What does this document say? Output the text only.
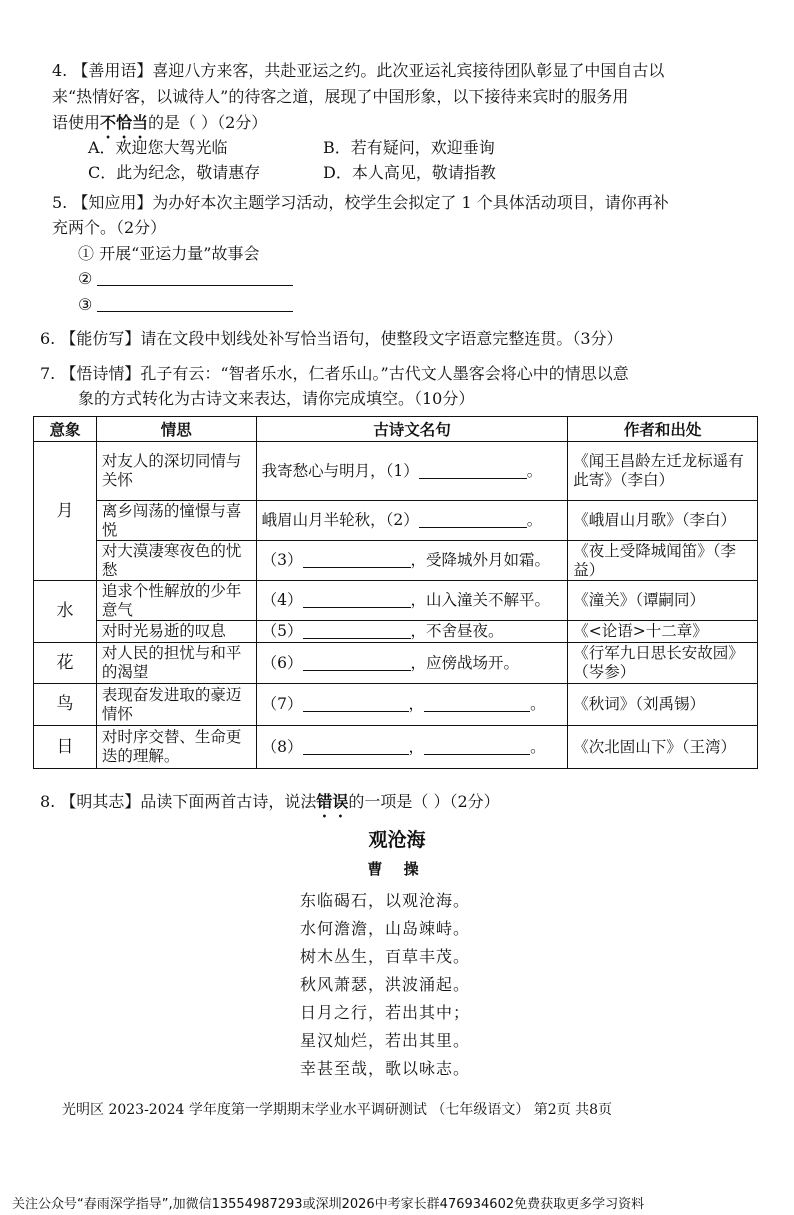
4. 【善用语】喜迎八方来客，共赴亚运之约。此次亚运礼宾接待团队彰显了中国自古以
来“热情好客，以诚待人”的待客之道，展现了中国形象，以下接待来宾时的服务用
语使用不恰当的是（ ）（2分）
A．欢迎您大驾光临	B．若有疑问，欢迎垂询
C．此为纪念，敬请惠存	D．本人高见，敬请指教
5. 【知应用】为办好本次主题学习活动，校学生会拟定了 1 个具体活动项目，请你再补
充两个。（2分）
① 开展“亚运力量”故事会
②
③
6. 【能仿写】请在文段中划线处补写恰当语句，使整段文字语意完整连贯。（3分）
7. 【悟诗情】孔子有云：“智者乐水，仁者乐山。”古代文人墨客会将心中的情思以意
象的方式转化为古诗文来表达，请你完成填空。（10分）
意象	情思	古诗文名句	作者和出处
月	对友人的深切同情与关怀	我寄愁心与明月，（1） 。	《闻王昌龄左迁龙标遥有此寄》（李白）
	离乡闯荡的憧憬与喜悦	峨眉山月半轮秋，（2） 。	《峨眉山月歌》（李白）
	对大漠凄寒夜色的忧愁	（3） ，受降城外月如霜。	《夜上受降城闻笛》（李益）
水	追求个性解放的少年意气	（4） ，山入潼关不解平。	《潼关》（谭嗣同）
	对时光易逝的叹息	（5） ，不舍昼夜。	《<论语>十二章》
花	对人民的担忧与和平的渴望	（6） ，应傍战场开。	《行军九日思长安故园》（岑参）
鸟	表现奋发进取的豪迈情怀	（7） ， 。	《秋词》（刘禹锡）
日	对时序交替、生命更迭的理解。	（8） ， 。	《次北固山下》（王湾）
8. 【明其志】品读下面两首古诗，说法错误的一项是（ ）（2分）
观沧海
曹 操
东临碣石，以观沧海。
水何澹澹，山岛竦峙。
树木丛生，百草丰茂。
秋风萧瑟，洪波涌起。
日月之行，若出其中；
星汉灿烂，若出其里。
幸甚至哉，歌以咏志。
光明区 2023-2024 学年度第一学期期末学业水平调研测试 （七年级语文） 第2页 共8页
关注公众号“春雨深学指导”,加微信13554987293或深圳2026中考家长群476934602免费获取更多学习资料
